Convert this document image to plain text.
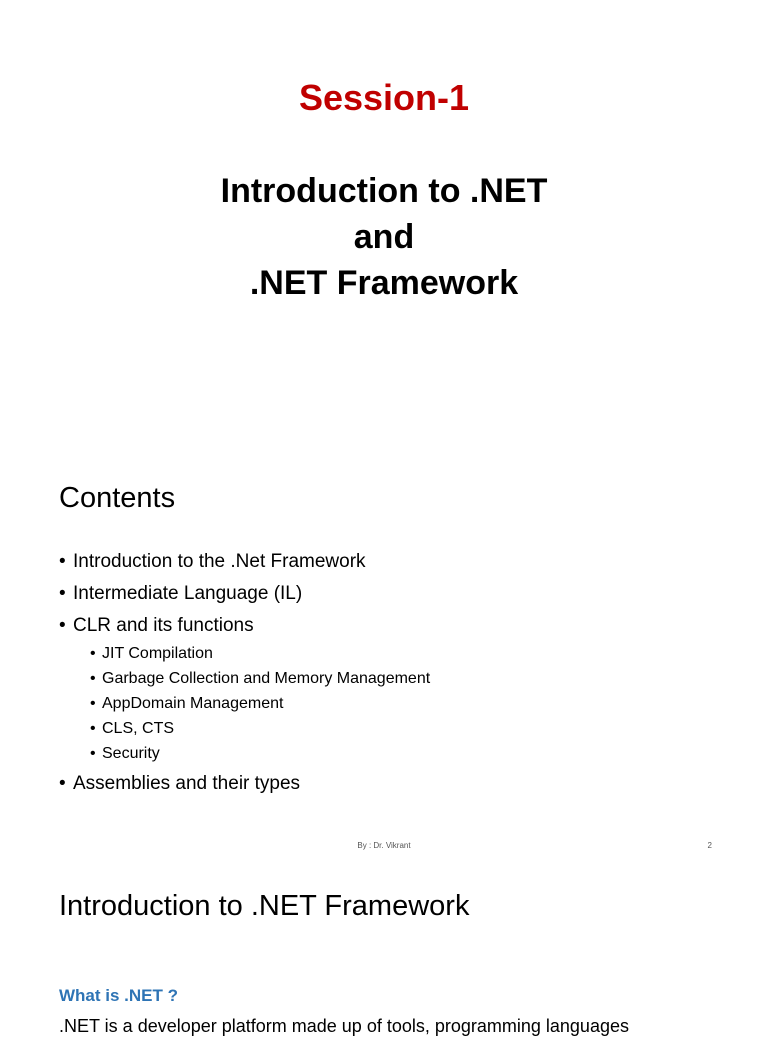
Session-1
Introduction to .NET
and
.NET Framework
Contents
• Introduction to the .Net Framework
• Intermediate Language (IL)
• CLR and its functions
• JIT Compilation
• Garbage Collection and Memory Management
• AppDomain Management
• CLS, CTS
• Security
• Assemblies and their types
By : Dr. Vikrant	2
Introduction to .NET Framework
What is .NET ?
.NET is a developer platform made up of tools, programming languages
